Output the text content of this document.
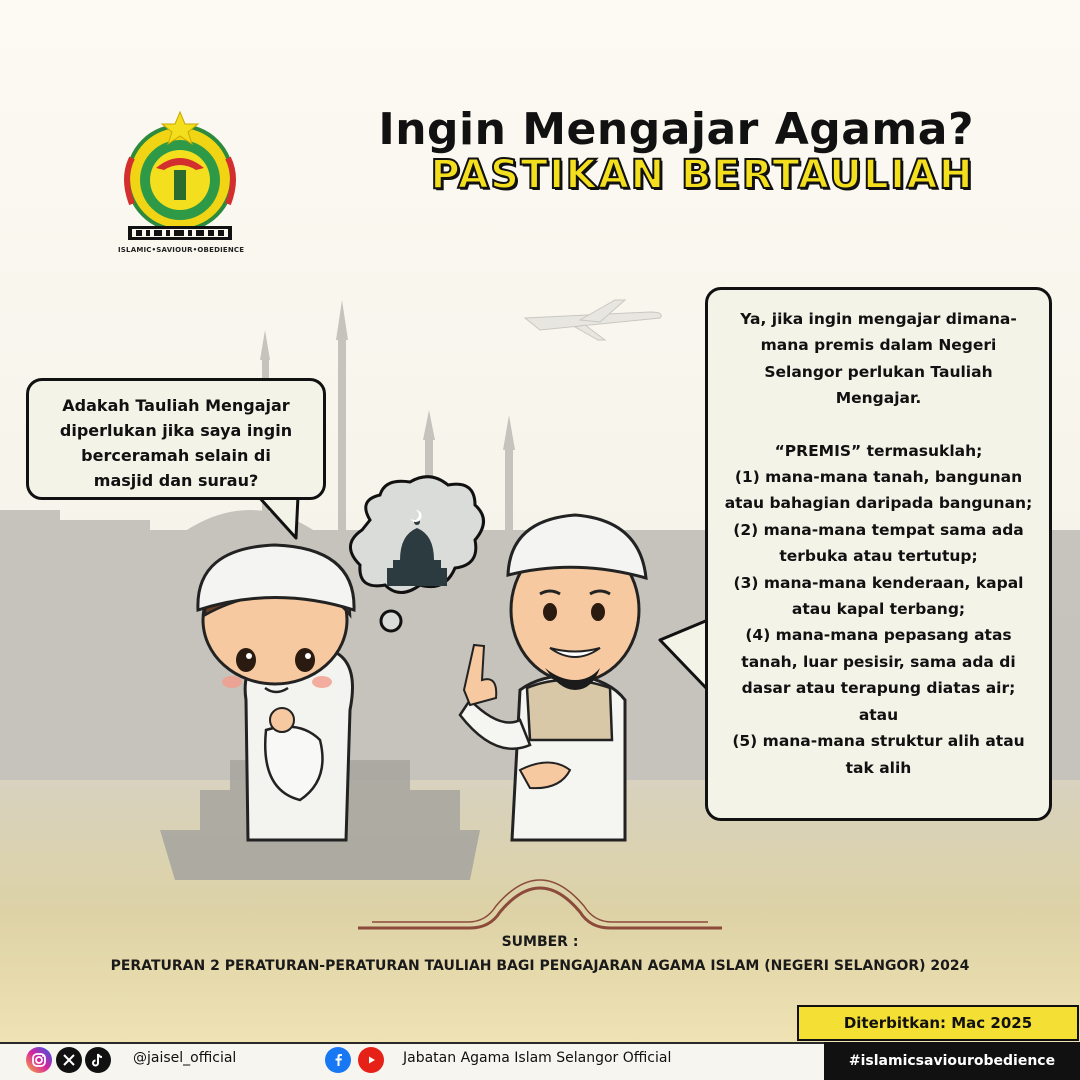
ISLAMIC•SAVIOUR•OBEDIENCE
Ingin Mengajar Agama?
PASTIKAN BERTAULIAH
Adakah Tauliah Mengajar diperlukan jika saya ingin berceramah selain di masjid dan surau?

Ya, jika ingin mengajar dimana-mana premis dalam Negeri Selangor perlukan Tauliah Mengajar.

“PREMIS” termasuklah;

(1) mana-mana tanah, bangunan atau bahagian daripada bangunan;

(2) mana-mana tempat sama ada terbuka atau tertutup;

(3) mana-mana kenderaan, kapal atau kapal terbang;

(4) mana-mana pepasang atas tanah, luar pesisir, sama ada di dasar atau terapung diatas air; atau

(5) mana-mana struktur alih atau tak alih

SUMBER :
PERATURAN 2 PERATURAN-PERATURAN TAULIAH BAGI PENGAJARAN AGAMA ISLAM (NEGERI SELANGOR) 2024
Diterbitkan: Mac 2025
@jaisel_official	Jabatan Agama Islam Selangor Official	#islamicsaviourobedience
